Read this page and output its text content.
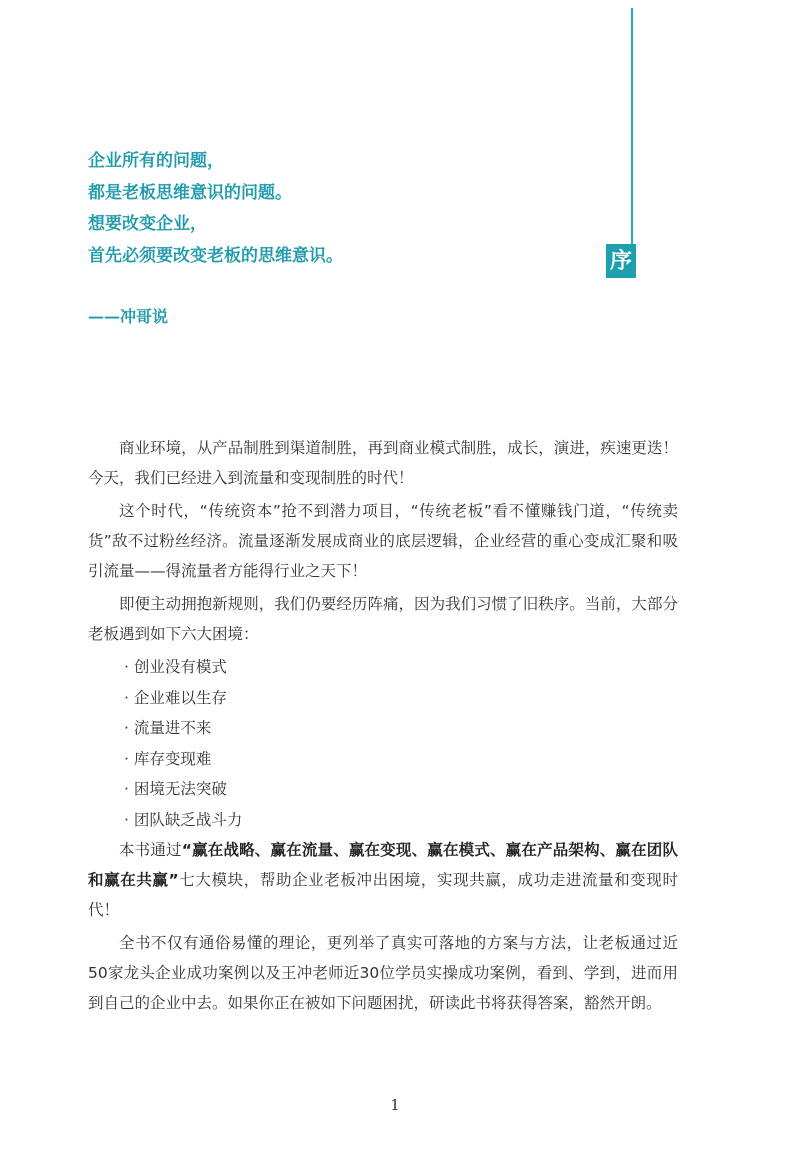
序
企业所有的问题，
都是老板思维意识的问题。
想要改变企业，
首先必须要改变老板的思维意识。
——冲哥说

商业环境，从产品制胜到渠道制胜，再到商业模式制胜，成长，演进，疾速更迭！今天，我们已经进入到流量和变现制胜的时代！

这个时代，“传统资本”抢不到潜力项目，“传统老板”看不懂赚钱门道，“传统卖货”敌不过粉丝经济。流量逐渐发展成商业的底层逻辑，企业经营的重心变成汇聚和吸引流量——得流量者方能得行业之天下！

即便主动拥抱新规则，我们仍要经历阵痛，因为我们习惯了旧秩序。当前，大部分老板遇到如下六大困境：

· 创业没有模式
· 企业难以生存
· 流量进不来
· 库存变现难
· 困境无法突破
· 团队缺乏战斗力

本书通过“赢在战略、赢在流量、赢在变现、赢在模式、赢在产品架构、赢在团队和赢在共赢”七大模块，帮助企业老板冲出困境，实现共赢，成功走进流量和变现时代！

全书不仅有通俗易懂的理论，更列举了真实可落地的方案与方法，让老板通过近50家龙头企业成功案例以及王冲老师近30位学员实操成功案例，看到、学到，进而用到自己的企业中去。如果你正在被如下问题困扰，研读此书将获得答案，豁然开朗。

1
